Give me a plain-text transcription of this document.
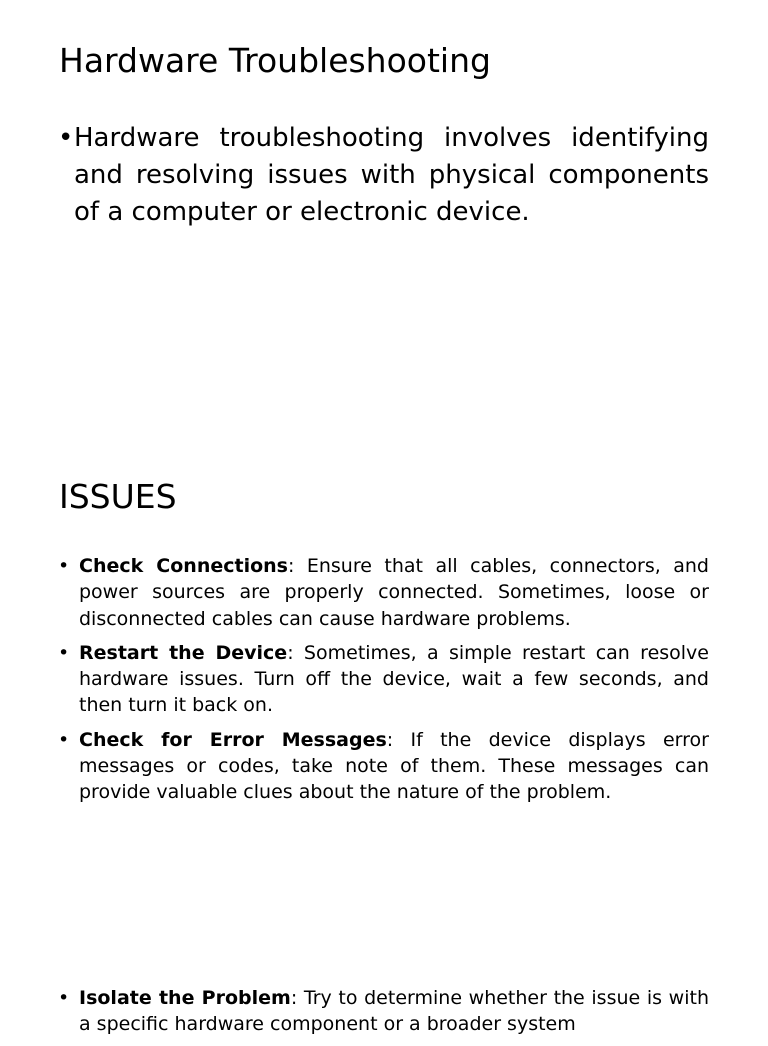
Hardware Troubleshooting
• Hardware troubleshooting involves identifying and resolving issues with physical components of a computer or electronic device.
ISSUES
• Check Connections: Ensure that all cables, connectors, and power sources are properly connected. Sometimes, loose or disconnected cables can cause hardware problems.
• Restart the Device: Sometimes, a simple restart can resolve hardware issues. Turn off the device, wait a few seconds, and then turn it back on.
• Check for Error Messages: If the device displays error messages or codes, take note of them. These messages can provide valuable clues about the nature of the problem.
• Isolate the Problem: Try to determine whether the issue is with a specific hardware component or a broader system
